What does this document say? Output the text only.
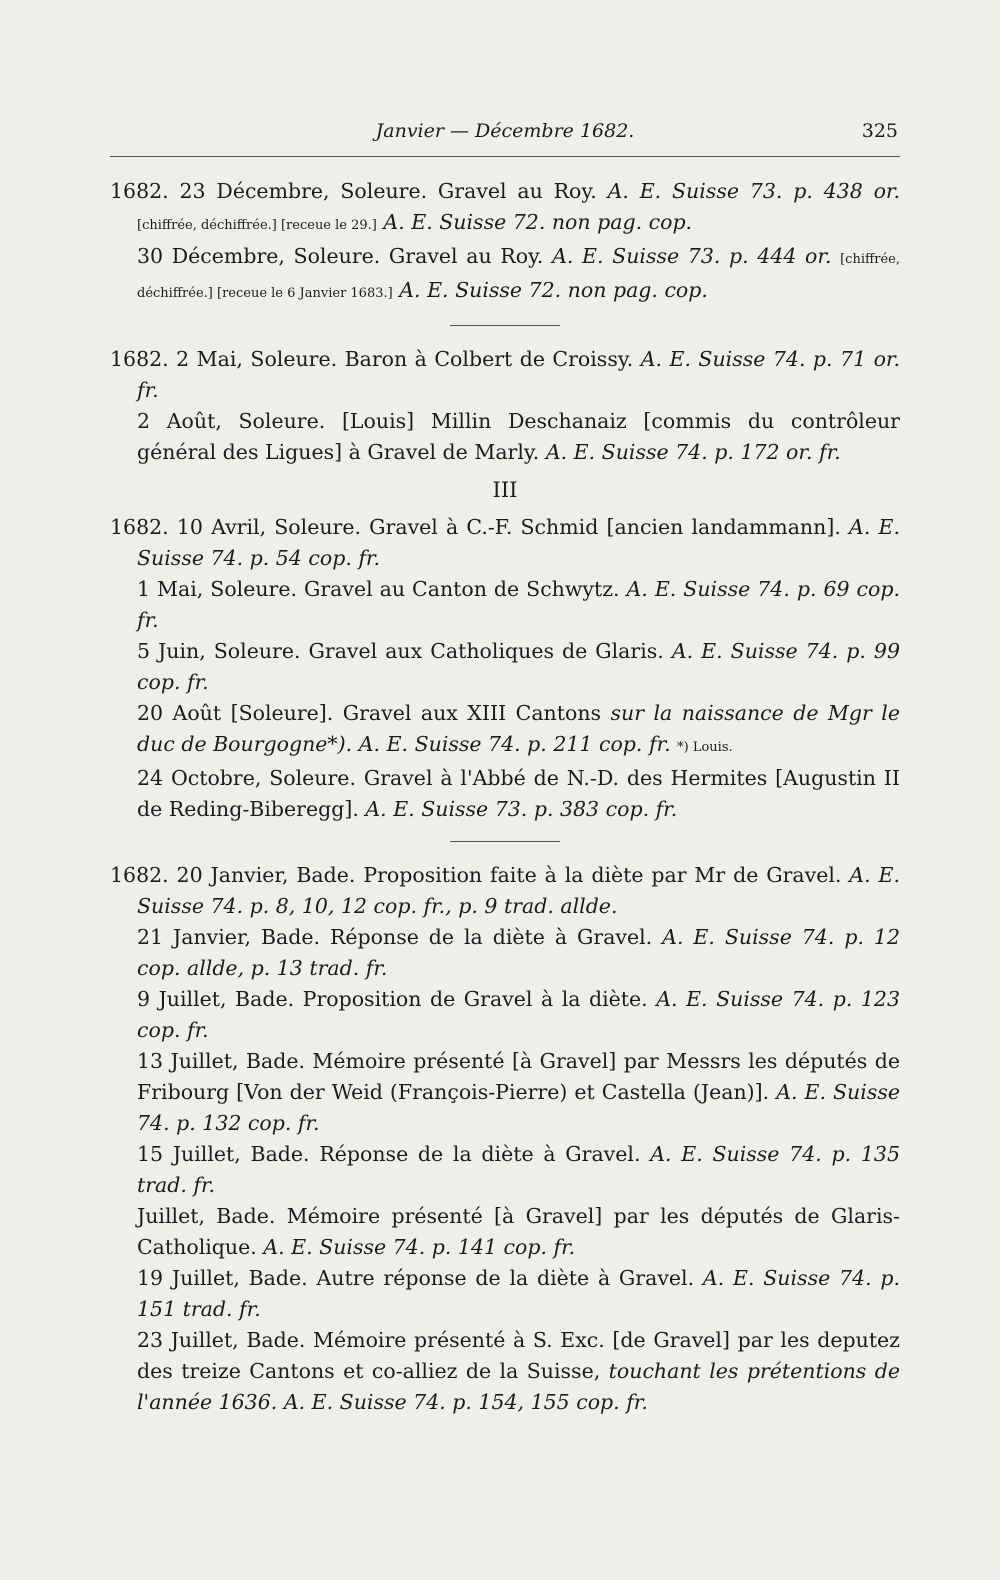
Janvier — Décembre 1682.	325

1682. 23 Décembre, Soleure. Gravel au Roy. A. E. Suisse 73. p. 438 or. [chiffrée, déchiffrée.] [receue le 29.] A. E. Suisse 72. non pag. cop.

30 Décembre, Soleure. Gravel au Roy. A. E. Suisse 73. p. 444 or. [chiffrée, déchiffrée.] [receue le 6 Janvier 1683.] A. E. Suisse 72. non pag. cop.

1682. 2 Mai, Soleure. Baron à Colbert de Croissy. A. E. Suisse 74. p. 71 or. fr.

2 Août, Soleure. [Louis] Millin Deschanaiz [commis du contrôleur général des Ligues] à Gravel de Marly. A. E. Suisse 74. p. 172 or. fr.

III

1682. 10 Avril, Soleure. Gravel à C.-F. Schmid [ancien landammann]. A. E. Suisse 74. p. 54 cop. fr.

1 Mai, Soleure. Gravel au Canton de Schwytz. A. E. Suisse 74. p. 69 cop. fr.

5 Juin, Soleure. Gravel aux Catholiques de Glaris. A. E. Suisse 74. p. 99 cop. fr.

20 Août [Soleure]. Gravel aux XIII Cantons sur la naissance de Mgr le duc de Bourgogne*). A. E. Suisse 74. p. 211 cop. fr. *) Louis.

24 Octobre, Soleure. Gravel à l'Abbé de N.-D. des Hermites [Augustin II de Reding-Biberegg]. A. E. Suisse 73. p. 383 cop. fr.

1682. 20 Janvier, Bade. Proposition faite à la diète par Mr de Gravel. A. E. Suisse 74. p. 8, 10, 12 cop. fr., p. 9 trad. allde.

21 Janvier, Bade. Réponse de la diète à Gravel. A. E. Suisse 74. p. 12 cop. allde, p. 13 trad. fr.

9 Juillet, Bade. Proposition de Gravel à la diète. A. E. Suisse 74. p. 123 cop. fr.

13 Juillet, Bade. Mémoire présenté [à Gravel] par Messrs les députés de Fribourg [Von der Weid (François-Pierre) et Castella (Jean)]. A. E. Suisse 74. p. 132 cop. fr.

15 Juillet, Bade. Réponse de la diète à Gravel. A. E. Suisse 74. p. 135 trad. fr.

Juillet, Bade. Mémoire présenté [à Gravel] par les députés de Glaris-Catholique. A. E. Suisse 74. p. 141 cop. fr.

19 Juillet, Bade. Autre réponse de la diète à Gravel. A. E. Suisse 74. p. 151 trad. fr.

23 Juillet, Bade. Mémoire présenté à S. Exc. [de Gravel] par les deputez des treize Cantons et co-alliez de la Suisse, touchant les prétentions de l'année 1636. A. E. Suisse 74. p. 154, 155 cop. fr.
